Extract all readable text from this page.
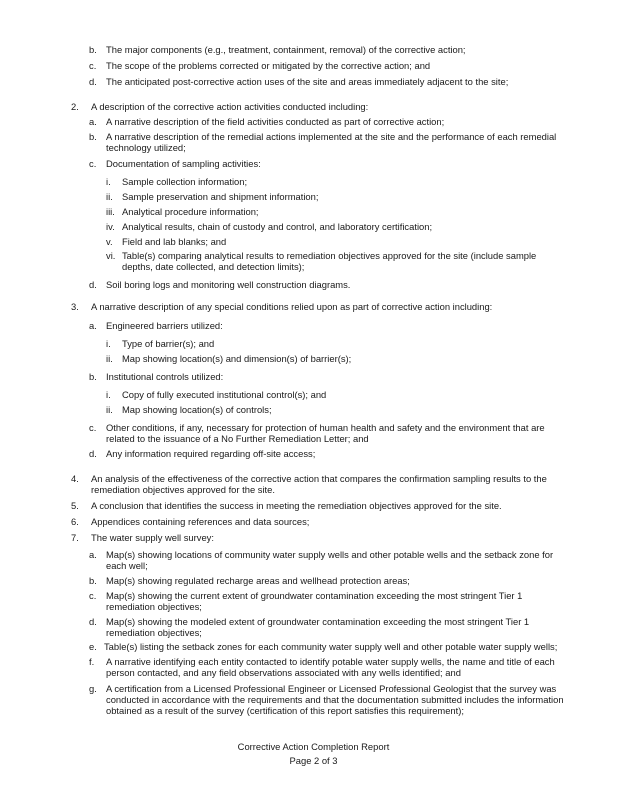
b. The major components (e.g., treatment, containment, removal) of the corrective action;
c. The scope of the problems corrected or mitigated by the corrective action; and
d. The anticipated post-corrective action uses of the site and areas immediately adjacent to the site;
2. A description of the corrective action activities conducted including:
a. A narrative description of the field activities conducted as part of corrective action;
b. A narrative description of the remedial actions implemented at the site and the performance of each remedial
technology utilized;
c. Documentation of sampling activities:
i. Sample collection information;
ii. Sample preservation and shipment information;
iii. Analytical procedure information;
iv. Analytical results, chain of custody and control, and laboratory certification;
v. Field and lab blanks; and
vi. Table(s) comparing analytical results to remediation objectives approved for the site (include sample
depths, date collected, and detection limits);
d. Soil boring logs and monitoring well construction diagrams.
3. A narrative description of any special conditions relied upon as part of corrective action including:
a. Engineered barriers utilized:
i. Type of barrier(s); and
ii. Map showing location(s) and dimension(s) of barrier(s);
b. Institutional controls utilized:
i. Copy of fully executed institutional control(s); and
ii. Map showing location(s) of controls;
c. Other conditions, if any, necessary for protection of human health and safety and the environment that are
related to the issuance of a No Further Remediation Letter; and
d. Any information required regarding off-site access;
4. An analysis of the effectiveness of the corrective action that compares the confirmation sampling results to the
remediation objectives approved for the site.
5. A conclusion that identifies the success in meeting the remediation objectives approved for the site.
6. Appendices containing references and data sources;
7. The water supply well survey:
a. Map(s) showing locations of community water supply wells and other potable wells and the setback zone for
each well;
b. Map(s) showing regulated recharge areas and wellhead protection areas;
c. Map(s) showing the current extent of groundwater contamination exceeding the most stringent Tier 1
remediation objectives;
d. Map(s) showing the modeled extent of groundwater contamination exceeding the most stringent Tier 1
remediation objectives;
e. Table(s) listing the setback zones for each community water supply well and other potable water supply wells;
f. A narrative identifying each entity contacted to identify potable water supply wells, the name and title of each
person contacted, and any field observations associated with any wells identified; and
g. A certification from a Licensed Professional Engineer or Licensed Professional Geologist that the survey was
conducted in accordance with the requirements and that the documentation submitted includes the information
obtained as a result of the survey (certification of this report satisfies this requirement);
Corrective Action Completion Report
Page 2 of 3
